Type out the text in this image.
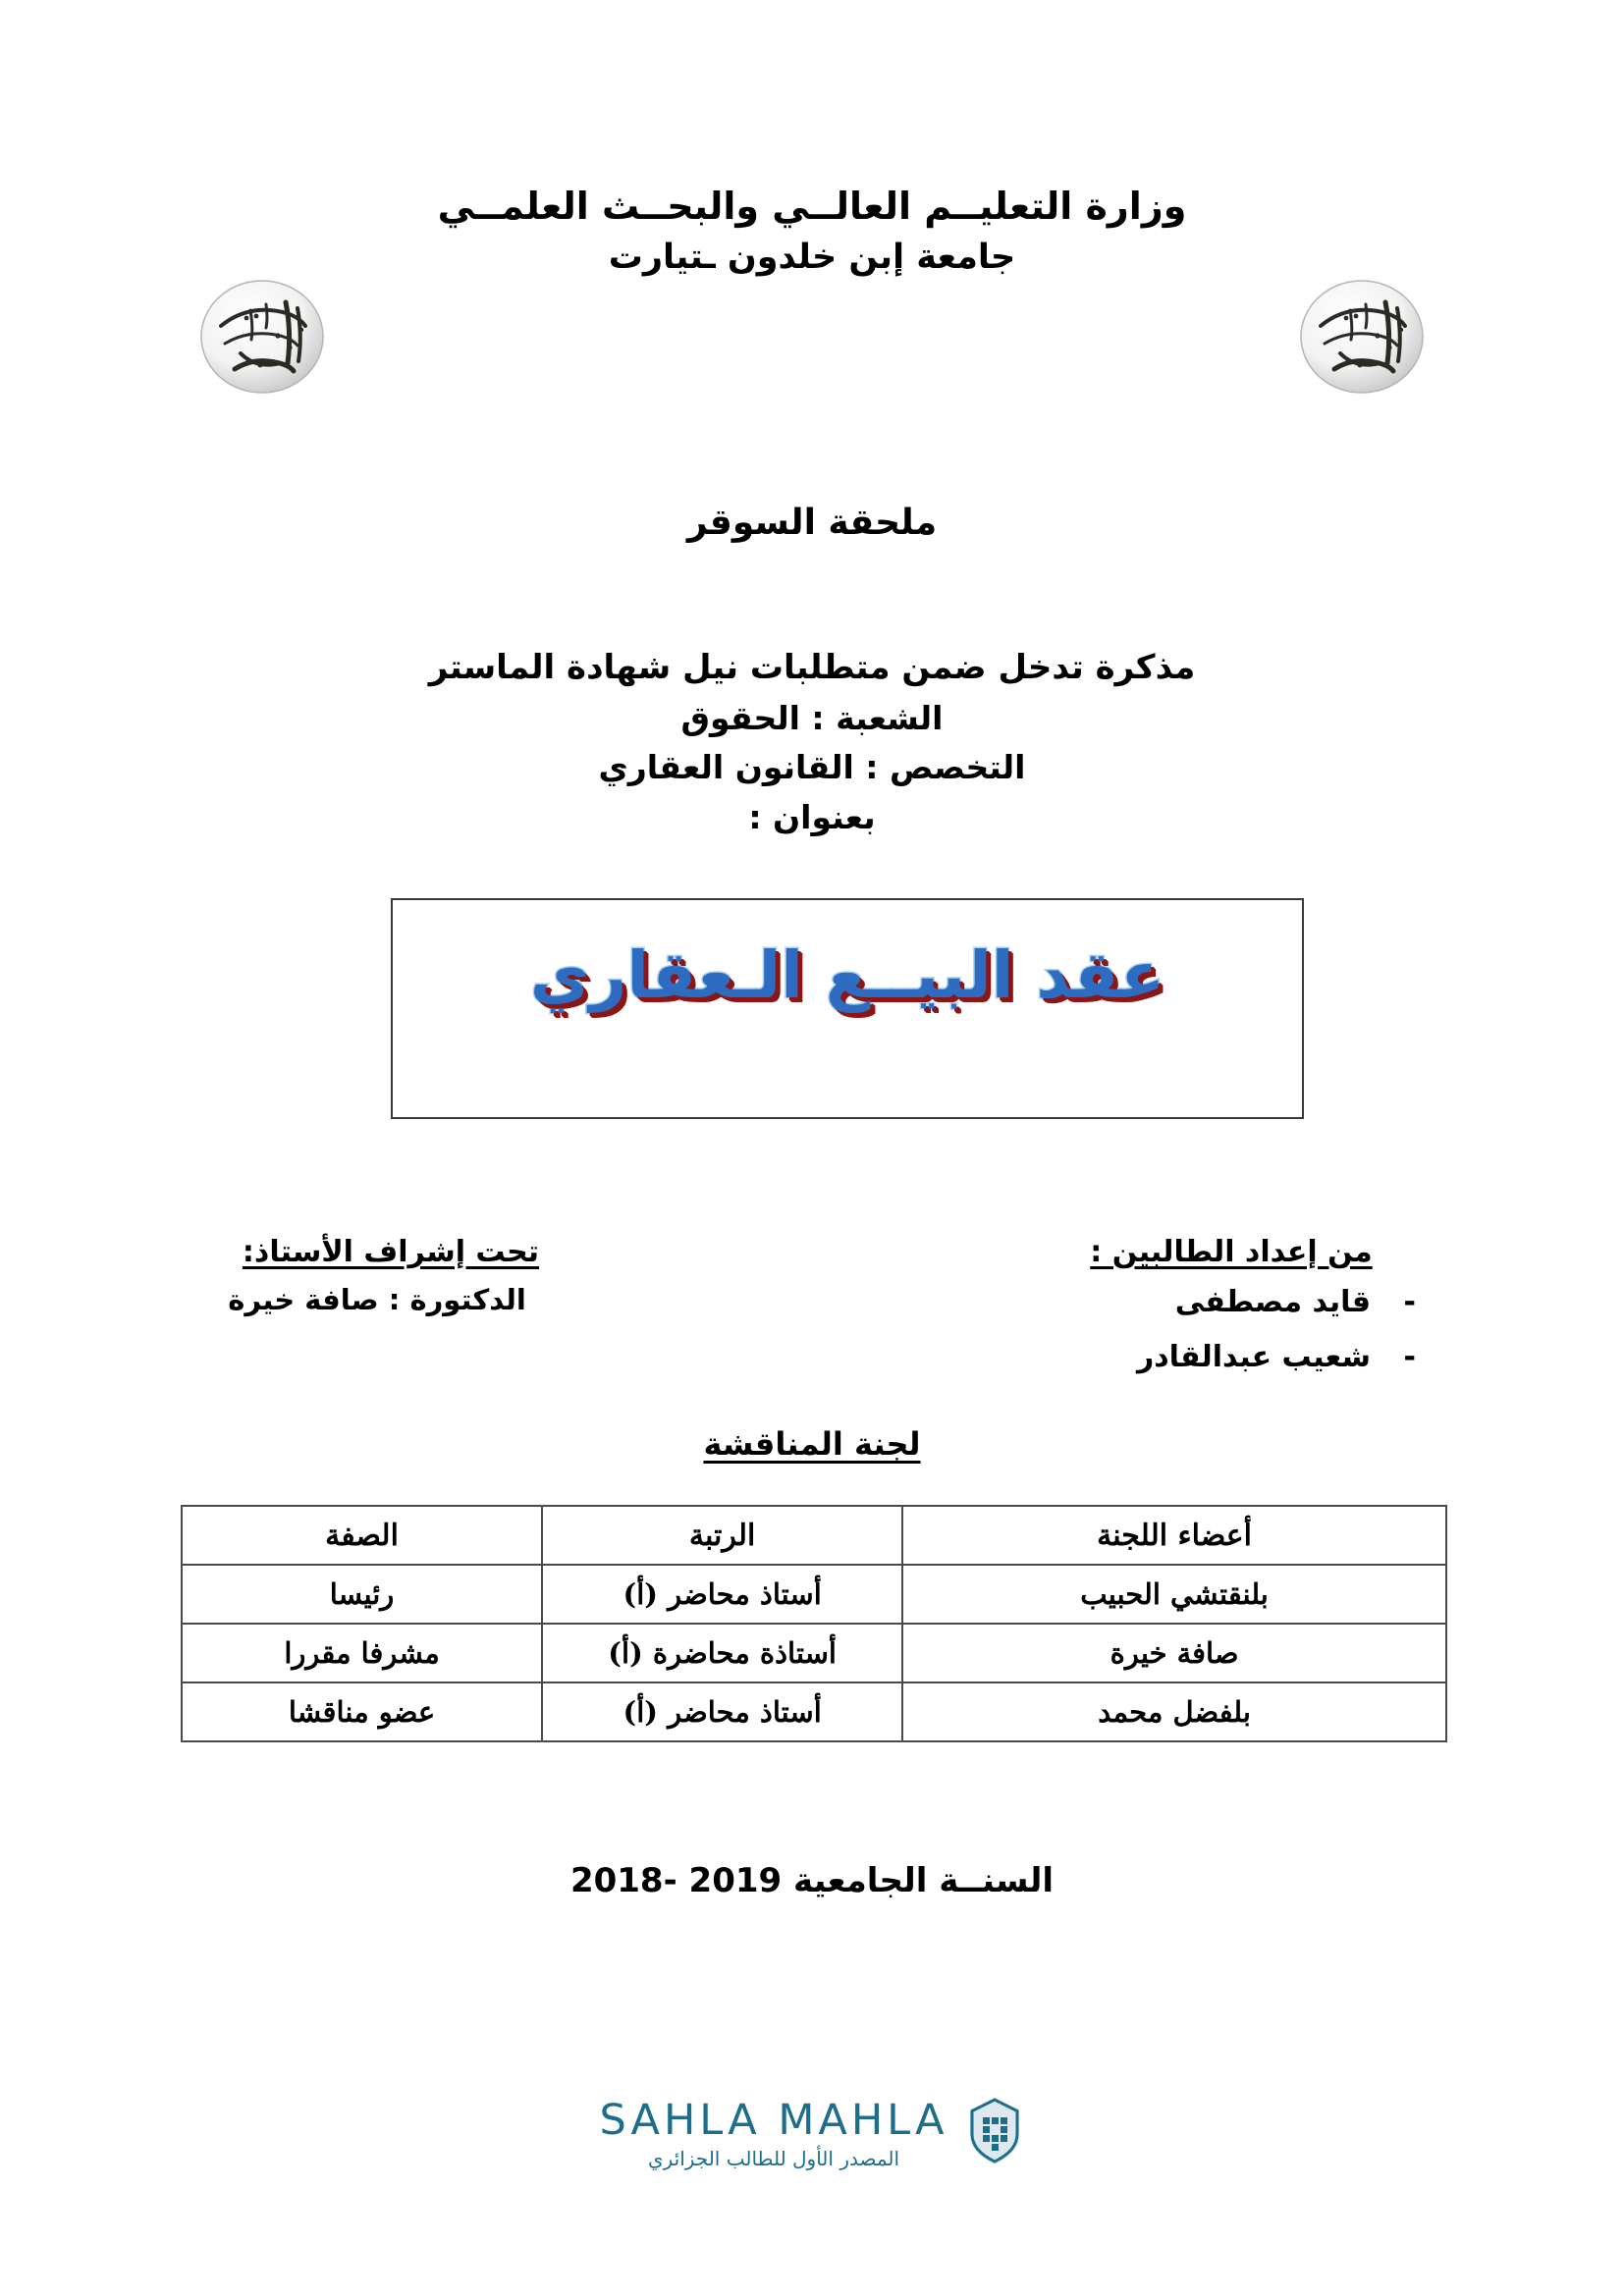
وزارة التعليــم العالــي والبحــث العلمــي
جامعة إبن خلدون ـتيارت
ملحقة السوقر
مذكرة تدخل ضمن متطلبات نيل شهادة الماستر
الشعبة : الحقوق
التخصص : القانون العقاري
بعنوان :
عقد البيــع الـعقاري
من إعداد الطالبين :
-قايد مصطفى
-شعيب عبدالقادر
تحت إشراف الأستاذ:
الدكتورة : صافة خيرة
لجنة المناقشة
أعضاء اللجنة	الرتبة	الصفة
بلنقتشي الحبيب	أستاذ محاضر (أ)	رئيسا
صافة خيرة	أستاذة محاضرة (أ)	مشرفا مقررا
بلفضل محمد	أستاذ محاضر (أ)	عضو مناقشا
السنــة الجامعية 2018- 2019
SAHLA MAHLA
المصدر الأول للطالب الجزائري
